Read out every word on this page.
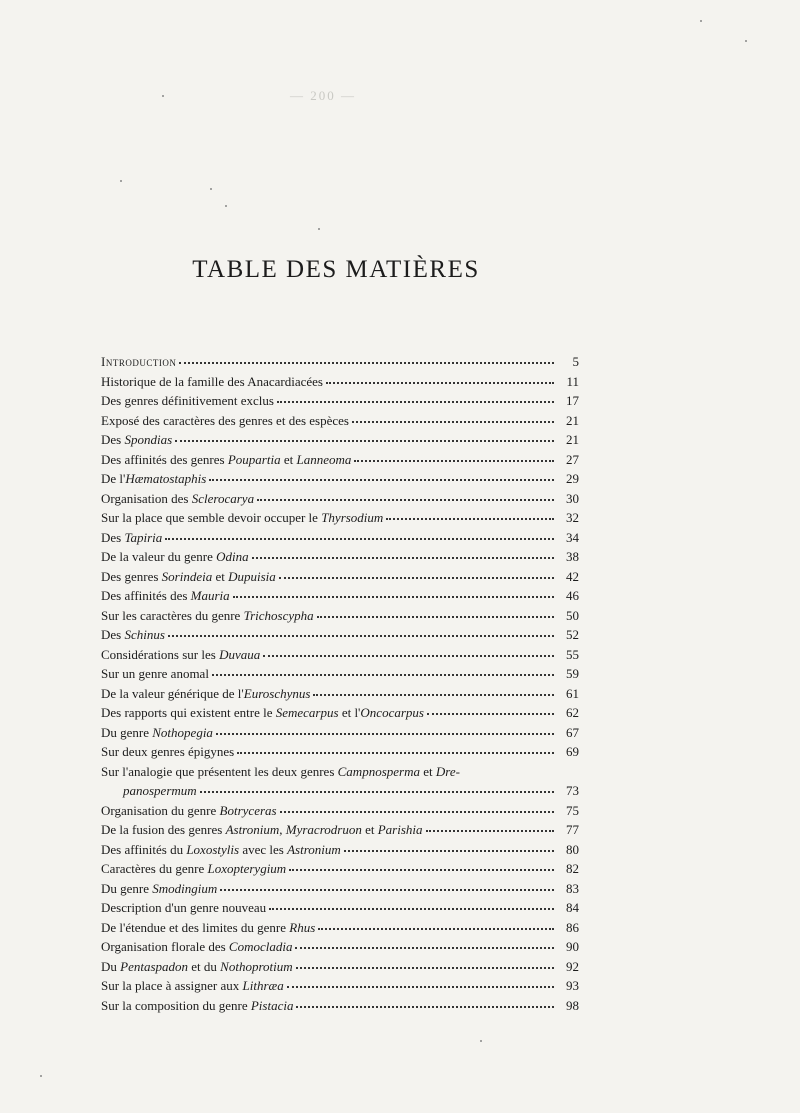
— 200 —
TABLE DES MATIÈRES
Introduction	5
Historique de la famille des Anacardiacées	11
Des genres définitivement exclus	17
Exposé des caractères des genres et des espèces	21
Des Spondias	21
Des affinités des genres Poupartia et Lanneoma	27
De l'Hæmatostaphis	29
Organisation des Sclerocarya	30
Sur la place que semble devoir occuper le Thyrsodium	32
Des Tapiria	34
De la valeur du genre Odina	38
Des genres Sorindeia et Dupuisia	42
Des affinités des Mauria	46
Sur les caractères du genre Trichoscypha	50
Des Schinus	52
Considérations sur les Duvaua	55
Sur un genre anomal	59
De la valeur générique de l'Euroschynus	61
Des rapports qui existent entre le Semecarpus et l'Oncocarpus	62
Du genre Nothopegia	67
Sur deux genres épigynes	69
Sur l'analogie que présentent les deux genres Campnosperma et Dre-
panospermum	73
Organisation du genre Botryceras	75
De la fusion des genres Astronium, Myracrodruon et Parishia	77
Des affinités du Loxostylis avec les Astronium	80
Caractères du genre Loxopterygium	82
Du genre Smodingium	83
Description d'un genre nouveau	84
De l'étendue et des limites du genre Rhus	86
Organisation florale des Comocladia	90
Du Pentaspadon et du Nothoprotium	92
Sur la place à assigner aux Lithræa	93
Sur la composition du genre Pistacia	98
